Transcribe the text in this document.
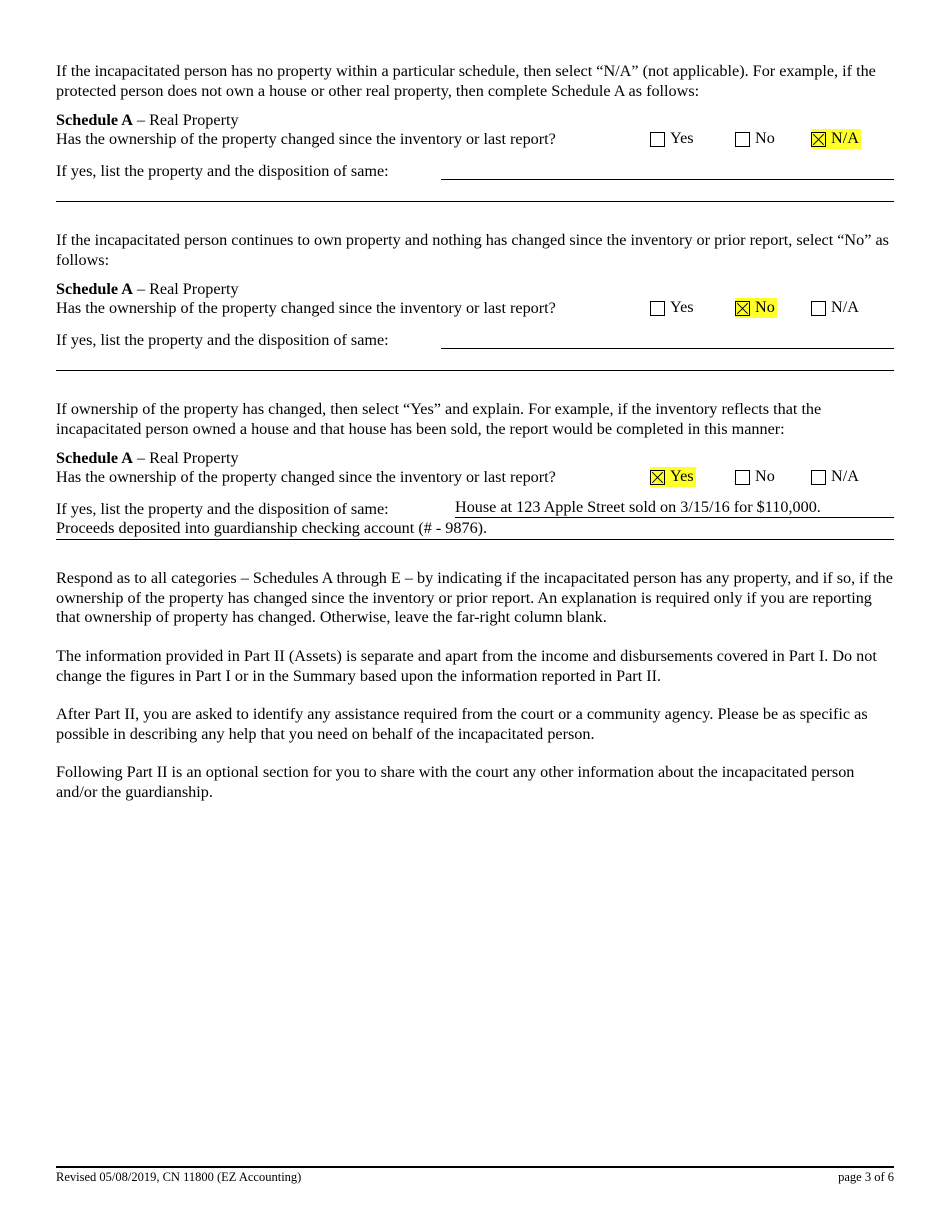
If the incapacitated person has no property within a particular schedule, then select “N/A” (not applicable). For example, if the protected person does not own a house or other real property, then complete Schedule A as follows:

Schedule A – Real Property
Has the ownership of the property changed since the inventory or last report?	Yes	No	N/A
If yes, list the property and the disposition of same:

If the incapacitated person continues to own property and nothing has changed since the inventory or prior report, select “No” as follows:

Schedule A – Real Property
Has the ownership of the property changed since the inventory or last report?	Yes	No	N/A
If yes, list the property and the disposition of same:

If ownership of the property has changed, then select “Yes” and explain. For example, if the inventory reflects that the incapacitated person owned a house and that house has been sold, the report would be completed in this manner:

Schedule A – Real Property
Has the ownership of the property changed since the inventory or last report?	Yes	No	N/A
If yes, list the property and the disposition of same:	House at 123 Apple Street sold on 3/15/16 for $110,000.
Proceeds deposited into guardianship checking account (# - 9876).

Respond as to all categories – Schedules A through E – by indicating if the incapacitated person has any property, and if so, if the ownership of the property has changed since the inventory or prior report. An explanation is required only if you are reporting that ownership of property has changed. Otherwise, leave the far-right column blank.

The information provided in Part II (Assets) is separate and apart from the income and disbursements covered in Part I. Do not change the figures in Part I or in the Summary based upon the information reported in Part II.

After Part II, you are asked to identify any assistance required from the court or a community agency. Please be as specific as possible in describing any help that you need on behalf of the incapacitated person.

Following Part II is an optional section for you to share with the court any other information about the incapacitated person and/or the guardianship.

Revised 05/08/2019, CN 11800 (EZ Accounting)	page 3 of 6
